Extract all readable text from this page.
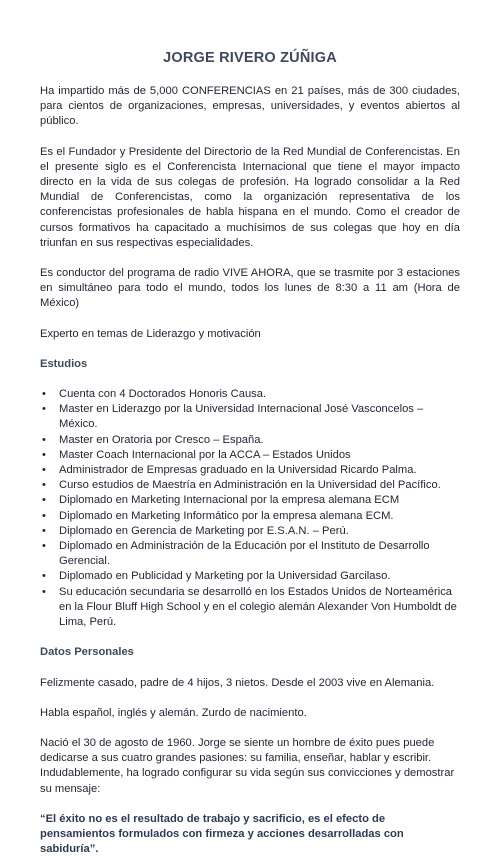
JORGE RIVERO ZÚÑIGA

Ha impartido más de 5,000 CONFERENCIAS en 21 países, más de 300 ciudades, para cientos de organizaciones, empresas, universidades, y eventos abiertos al público.

Es el Fundador y Presidente del Directorio de la Red Mundial de Conferencistas. En el presente siglo es el Conferencista Internacional que tiene el mayor impacto directo en la vida de sus colegas de profesión. Ha logrado consolidar a la Red Mundial de Conferencistas, como la organización representativa de los conferencistas profesionales de habla hispana en el mundo. Como el creador de cursos formativos ha capacitado a muchísimos de sus colegas que hoy en día triunfan en sus respectivas especialidades.

Es conductor del programa de radio VIVE AHORA, que se trasmite por 3 estaciones en simultáneo para todo el mundo, todos los lunes de 8:30 a 11 am (Hora de México)

Experto en temas de Liderazgo y motivación

Estudios

• Cuenta con 4 Doctorados Honoris Causa.
• Master en Liderazgo por la Universidad Internacional José Vasconcelos – México.
• Master en Oratoria por Cresco – España.
• Master Coach Internacional por la ACCA – Estados Unidos
• Administrador de Empresas graduado en la Universidad Ricardo Palma.
• Curso estudios de Maestría en Administración en la Universidad del Pacífico.
• Diplomado en Marketing Internacional por la empresa alemana ECM
• Diplomado en Marketing Informático por la empresa alemana ECM.
• Diplomado en Gerencia de Marketing por E.S.A.N. – Perú.
• Diplomado en Administración de la Educación por el Instituto de Desarrollo Gerencial.
• Diplomado en Publicidad y Marketing por la Universidad Garcilaso.
• Su educación secundaria se desarrolló en los Estados Unidos de Norteamérica en la Flour Bluff High School y en el colegio alemán Alexander Von Humboldt de Lima, Perú.

Datos Personales

Felizmente casado, padre de 4 hijos, 3 nietos. Desde el 2003 vive en Alemania.

Habla español, inglés y alemán. Zurdo de nacimiento.

Nació el 30 de agosto de 1960. Jorge se siente un hombre de éxito pues puede dedicarse a sus cuatro grandes pasiones: su familia, enseñar, hablar y escribir. Indudablemente, ha logrado configurar su vida según sus convicciones y demostrar su mensaje:

“El éxito no es el resultado de trabajo y sacrificio, es el efecto de pensamientos formulados con firmeza y acciones desarrolladas con sabiduría”.
